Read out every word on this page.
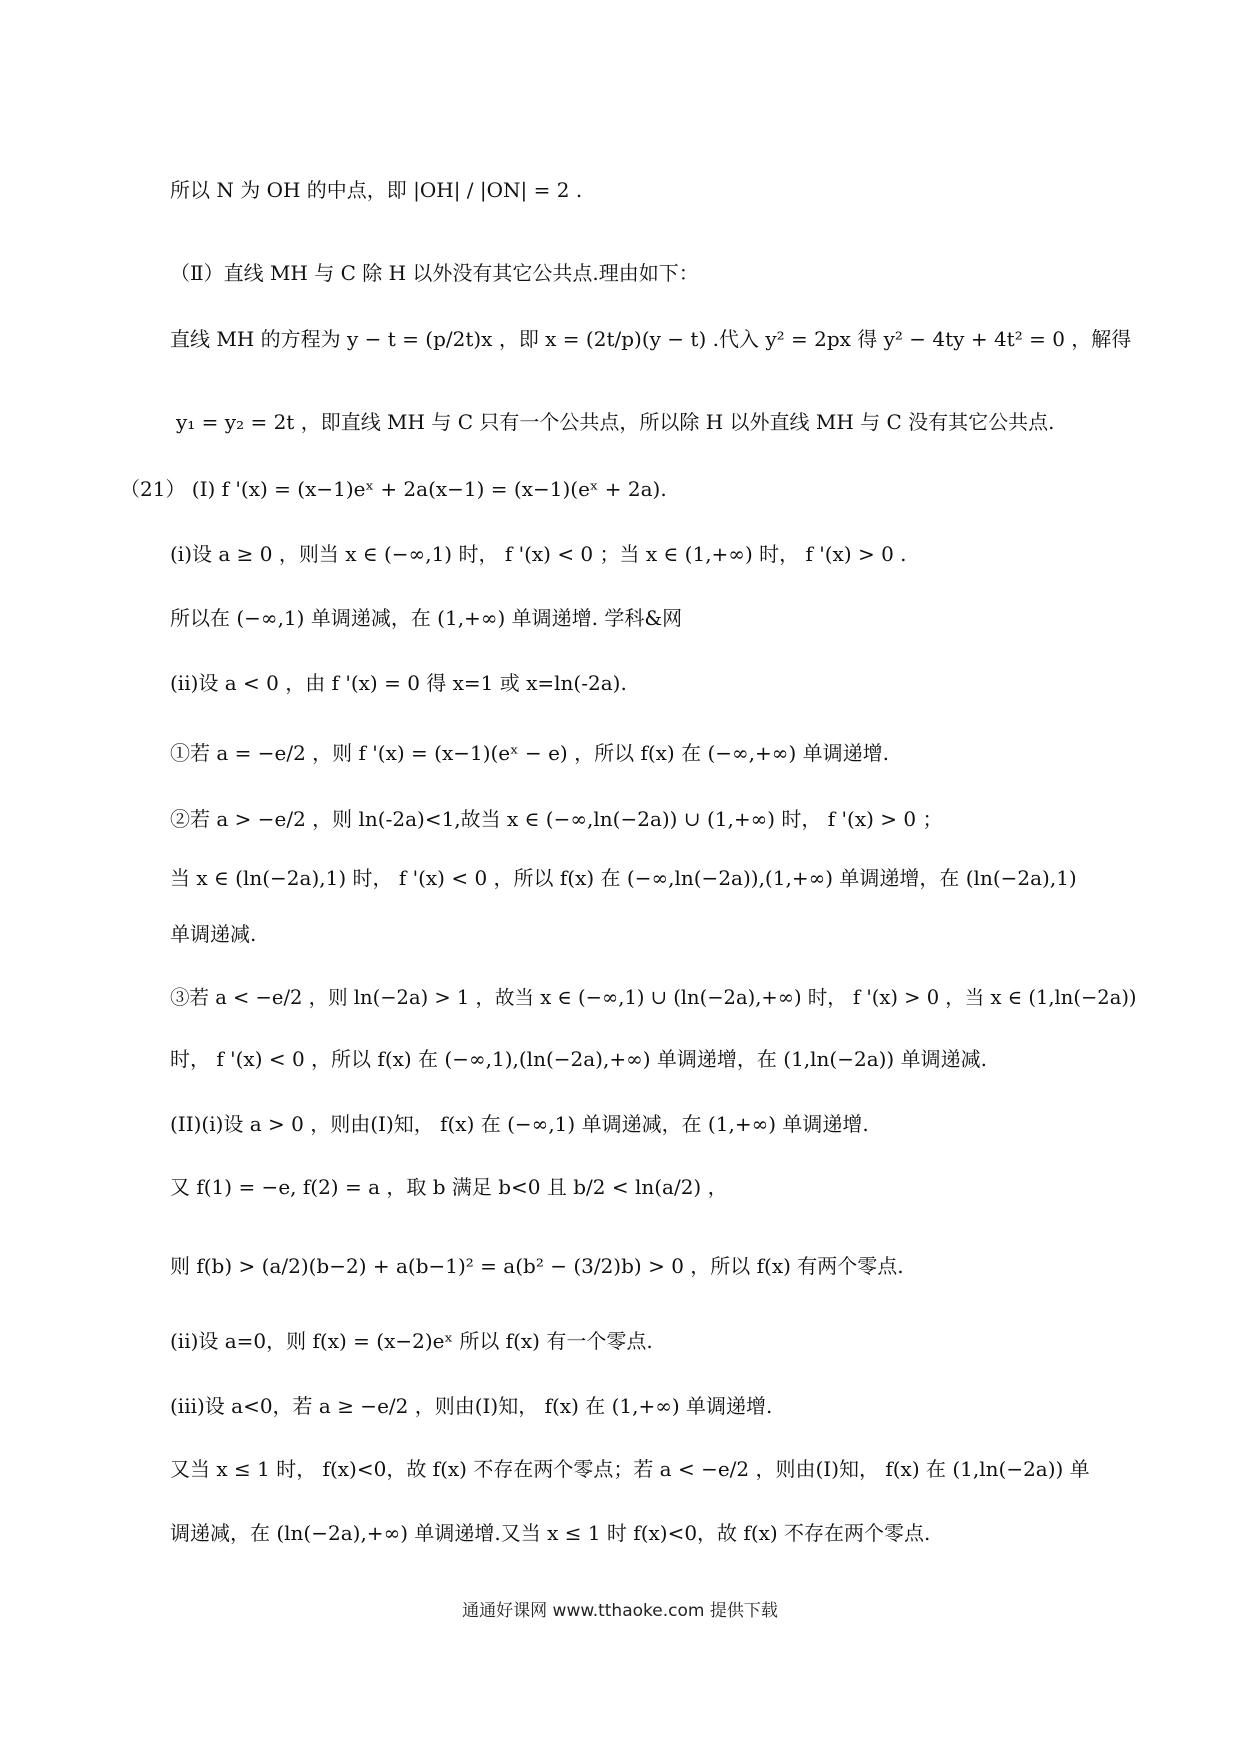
所以 N 为 OH 的中点，即 |OH| / |ON| = 2 .
（Ⅱ）直线 MH 与 C 除 H 以外没有其它公共点.理由如下：
直线 MH 的方程为 y − t = (p/2t)x ，即 x = (2t/p)(y − t) .代入 y² = 2px 得 y² − 4ty + 4t² = 0 ，解得
y₁ = y₂ = 2t ，即直线 MH 与 C 只有一个公共点，所以除 H 以外直线 MH 与 C 没有其它公共点.
（21） (I) f '(x) = (x−1)eˣ + 2a(x−1) = (x−1)(eˣ + 2a).
(i)设 a ≥ 0 ，则当 x ∈ (−∞,1) 时， f '(x) < 0 ；当 x ∈ (1,+∞) 时， f '(x) > 0 .
所以在 (−∞,1) 单调递减，在 (1,+∞) 单调递增. 学科&网
(ii)设 a < 0 ，由 f '(x) = 0 得 x=1 或 x=ln(-2a).
①若 a = −e/2 ，则 f '(x) = (x−1)(eˣ − e) ，所以 f(x) 在 (−∞,+∞) 单调递增.
②若 a > −e/2 ，则 ln(-2a)<1,故当 x ∈ (−∞,ln(−2a)) ∪ (1,+∞) 时， f '(x) > 0 ；
当 x ∈ (ln(−2a),1) 时， f '(x) < 0 ，所以 f(x) 在 (−∞,ln(−2a)),(1,+∞) 单调递增，在 (ln(−2a),1)
单调递减.
③若 a < −e/2 ，则 ln(−2a) > 1 ，故当 x ∈ (−∞,1) ∪ (ln(−2a),+∞) 时， f '(x) > 0 ，当 x ∈ (1,ln(−2a))
时， f '(x) < 0 ，所以 f(x) 在 (−∞,1),(ln(−2a),+∞) 单调递增，在 (1,ln(−2a)) 单调递减.
(II)(i)设 a > 0 ，则由(I)知， f(x) 在 (−∞,1) 单调递减，在 (1,+∞) 单调递增.
又 f(1) = −e, f(2) = a ，取 b 满足 b<0 且 b/2 < ln(a/2) ，
则 f(b) > (a/2)(b−2) + a(b−1)² = a(b² − (3/2)b) > 0 ，所以 f(x) 有两个零点.
(ii)设 a=0，则 f(x) = (x−2)eˣ 所以 f(x) 有一个零点.
(iii)设 a<0，若 a ≥ −e/2 ，则由(I)知， f(x) 在 (1,+∞) 单调递增.
又当 x ≤ 1 时， f(x)<0，故 f(x) 不存在两个零点；若 a < −e/2 ，则由(I)知， f(x) 在 (1,ln(−2a)) 单
调递减，在 (ln(−2a),+∞) 单调递增.又当 x ≤ 1 时 f(x)<0，故 f(x) 不存在两个零点.
通通好课网 www.tthaoke.com 提供下载
